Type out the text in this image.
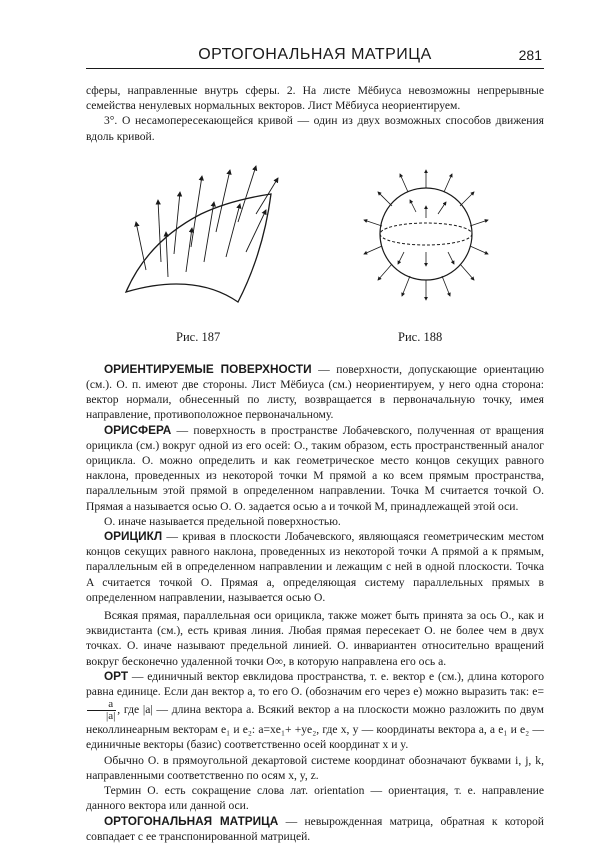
ОРТОГОНАЛЬНАЯ МАТРИЦА	281

сферы, направленные внутрь сферы. 2. На листе Мёбиуса невозможны непрерывные семейства ненулевых нормальных векторов. Лист Мёбиуса неориентируем.

3°. О несамопересекающейся кривой — один из двух возможных способов движения вдоль кривой.

Рис. 187	Рис. 188

ОРИЕНТИРУЕМЫЕ ПОВЕРХНОСТИ — поверхности, допускающие ориентацию (см.). О. п. имеют две стороны. Лист Мёбиуса (см.) неориентируем, у него одна сторона: вектор нормали, обнесенный по листу, возвращается в первоначальную точку, имея направление, противоположное первоначальному.

ОРИСФЕРА — поверхность в пространстве Лобачевского, полученная от вращения орицикла (см.) вокруг одной из его осей: О., таким образом, есть пространственный аналог орицикла. О. можно определить и как геометрическое место концов секущих равного наклона, проведенных из некоторой точки M прямой a ко всем прямым пространства, параллельным этой прямой в определенном направлении. Точка M считается точкой О. Прямая a называется осью О. О. задается осью a и точкой M, принадлежащей этой оси.

О. иначе называется предельной поверхностью.

ОРИЦИКЛ — кривая в плоскости Лобачевского, являющаяся геометрическим местом концов секущих равного наклона, проведенных из некоторой точки A прямой a к прямым, параллельным ей в определенном направлении и лежащим с ней в одной плоскости. Точка A считается точкой О. Прямая a, определяющая систему параллельных прямых в определенном направлении, называется осью О.

Всякая прямая, параллельная оси орицикла, также может быть принята за ось О., как и эквидистанта (см.), есть кривая линия. Любая прямая пересекает О. не более чем в двух точках. О. иначе называют предельной линией. О. инвариантен относительно вращений вокруг бесконечно удаленной точки O∞, в которую направлена его ось a.

ОРТ — единичный вектор евклидова пространства, т. е. вектор e (см.), длина которого равна единице. Если дан вектор a, то его О. (обозначим его через e) можно выразить так: e=
$\frac{a}{|a|}$ , где |a| — длина вектора a. Всякий вектор a на плоскости можно разложить по двум неколлинеарным векторам e₁ и e₂: a=xe₁+ +ye₂, где x, y — координаты вектора a, а e₁ и e₂ — единичные векторы (базис) соответственно осей координат x и y.

Обычно О. в прямоугольной декартовой системе координат обозначают буквами i, j, k, направленными соответственно по осям x, y, z.

Термин О. есть сокращение слова лат. orientation — ориентация, т. е. направление данного вектора или данной оси.

ОРТОГОНАЛЬНАЯ МАТРИЦА — невырожденная матрица, обратная к которой совпадает с ее транспонированной матрицей.
